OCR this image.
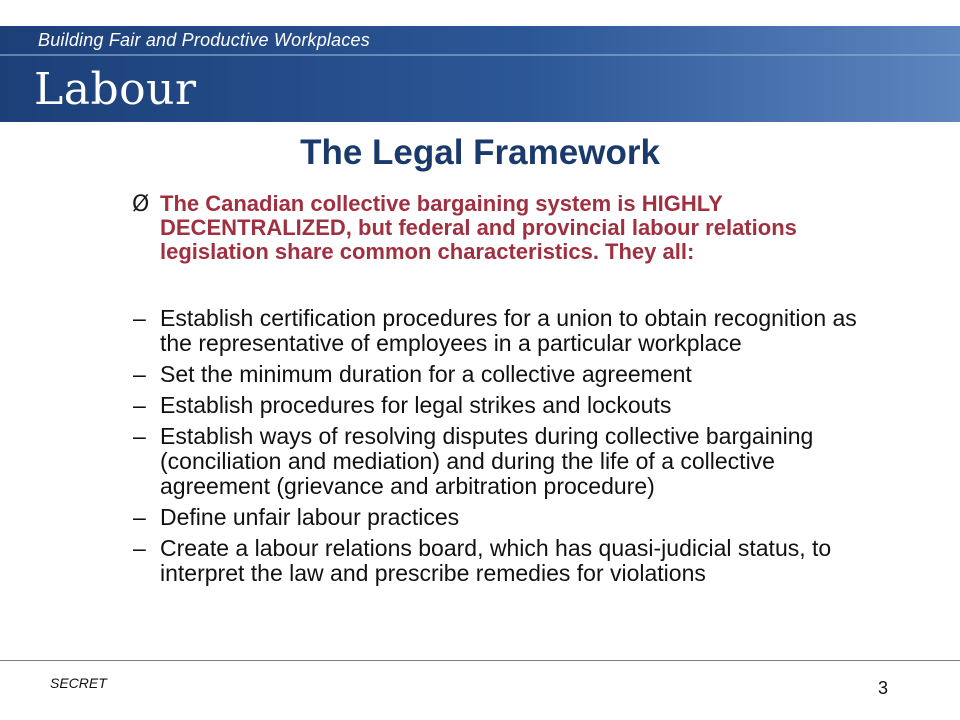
Building Fair and Productive Workplaces
Labour
The Legal Framework
Ø The Canadian collective bargaining system is HIGHLY DECENTRALIZED, but federal and provincial labour relations legislation share common characteristics. They all:
– Establish certification procedures for a union to obtain recognition as the representative of employees in a particular workplace
– Set the minimum duration for a collective agreement
– Establish procedures for legal strikes and lockouts
– Establish ways of resolving disputes during collective bargaining (conciliation and mediation) and during the life of a collective agreement (grievance and arbitration procedure)
– Define unfair labour practices
– Create a labour relations board, which has quasi-judicial status, to interpret the law and prescribe remedies for violations
SECRET	3
